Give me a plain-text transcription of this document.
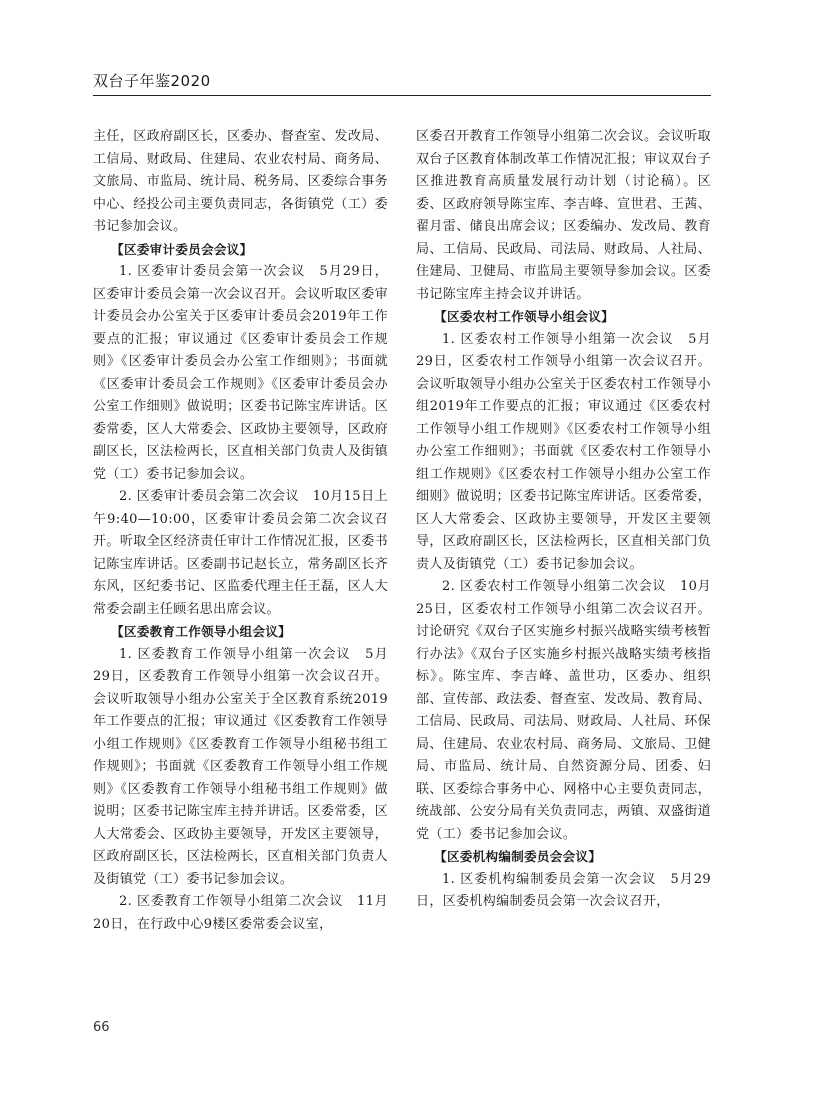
双台子年鉴2020

主任，区政府副区长，区委办、督查室、发改局、工信局、财政局、住建局、农业农村局、商务局、文旅局、市监局、统计局、税务局、区委综合事务中心、经投公司主要负责同志，各街镇党（工）委书记参加会议。

【区委审计委员会会议】

1. 区委审计委员会第一次会议　5月29日，区委审计委员会第一次会议召开。会议听取区委审计委员会办公室关于区委审计委员会2019年工作要点的汇报；审议通过《区委审计委员会工作规则》《区委审计委员会办公室工作细则》；书面就《区委审计委员会工作规则》《区委审计委员会办公室工作细则》做说明；区委书记陈宝库讲话。区委常委，区人大常委会、区政协主要领导，区政府副区长，区法检两长，区直相关部门负责人及街镇党（工）委书记参加会议。

2. 区委审计委员会第二次会议　10月15日上午9:40—10:00，区委审计委员会第二次会议召开。听取全区经济责任审计工作情况汇报，区委书记陈宝库讲话。区委副书记赵长立，常务副区长齐东风，区纪委书记、区监委代理主任王磊，区人大常委会副主任顾名思出席会议。

【区委教育工作领导小组会议】

1. 区委教育工作领导小组第一次会议　5月29日，区委教育工作领导小组第一次会议召开。会议听取领导小组办公室关于全区教育系统2019年工作要点的汇报；审议通过《区委教育工作领导小组工作规则》《区委教育工作领导小组秘书组工作规则》；书面就《区委教育工作领导小组工作规则》《区委教育工作领导小组秘书组工作规则》做说明；区委书记陈宝库主持并讲话。区委常委，区人大常委会、区政协主要领导，开发区主要领导，区政府副区长，区法检两长，区直相关部门负责人及街镇党（工）委书记参加会议。

2. 区委教育工作领导小组第二次会议　11月20日，在行政中心9楼区委常委会议室，

区委召开教育工作领导小组第二次会议。会议听取双台子区教育体制改革工作情况汇报；审议双台子区推进教育高质量发展行动计划（讨论稿）。区委、区政府领导陈宝库、李吉峰、宣世君、王茜、翟月雷、储良出席会议；区委编办、发改局、教育局、工信局、民政局、司法局、财政局、人社局、住建局、卫健局、市监局主要领导参加会议。区委书记陈宝库主持会议并讲话。

【区委农村工作领导小组会议】

1. 区委农村工作领导小组第一次会议　5月29日，区委农村工作领导小组第一次会议召开。会议听取领导小组办公室关于区委农村工作领导小组2019年工作要点的汇报；审议通过《区委农村工作领导小组工作规则》《区委农村工作领导小组办公室工作细则》；书面就《区委农村工作领导小组工作规则》《区委农村工作领导小组办公室工作细则》做说明；区委书记陈宝库讲话。区委常委，区人大常委会、区政协主要领导，开发区主要领导，区政府副区长，区法检两长，区直相关部门负责人及街镇党（工）委书记参加会议。

2. 区委农村工作领导小组第二次会议　10月25日，区委农村工作领导小组第二次会议召开。讨论研究《双台子区实施乡村振兴战略实绩考核暂行办法》《双台子区实施乡村振兴战略实绩考核指标》。陈宝库、李吉峰、盖世功，区委办、组织部、宣传部、政法委、督查室、发改局、教育局、工信局、民政局、司法局、财政局、人社局、环保局、住建局、农业农村局、商务局、文旅局、卫健局、市监局、统计局、自然资源分局、团委、妇联、区委综合事务中心、网格中心主要负责同志，统战部、公安分局有关负责同志，两镇、双盛街道党（工）委书记参加会议。

【区委机构编制委员会会议】

1. 区委机构编制委员会第一次会议　5月29日，区委机构编制委员会第一次会议召开，

66
